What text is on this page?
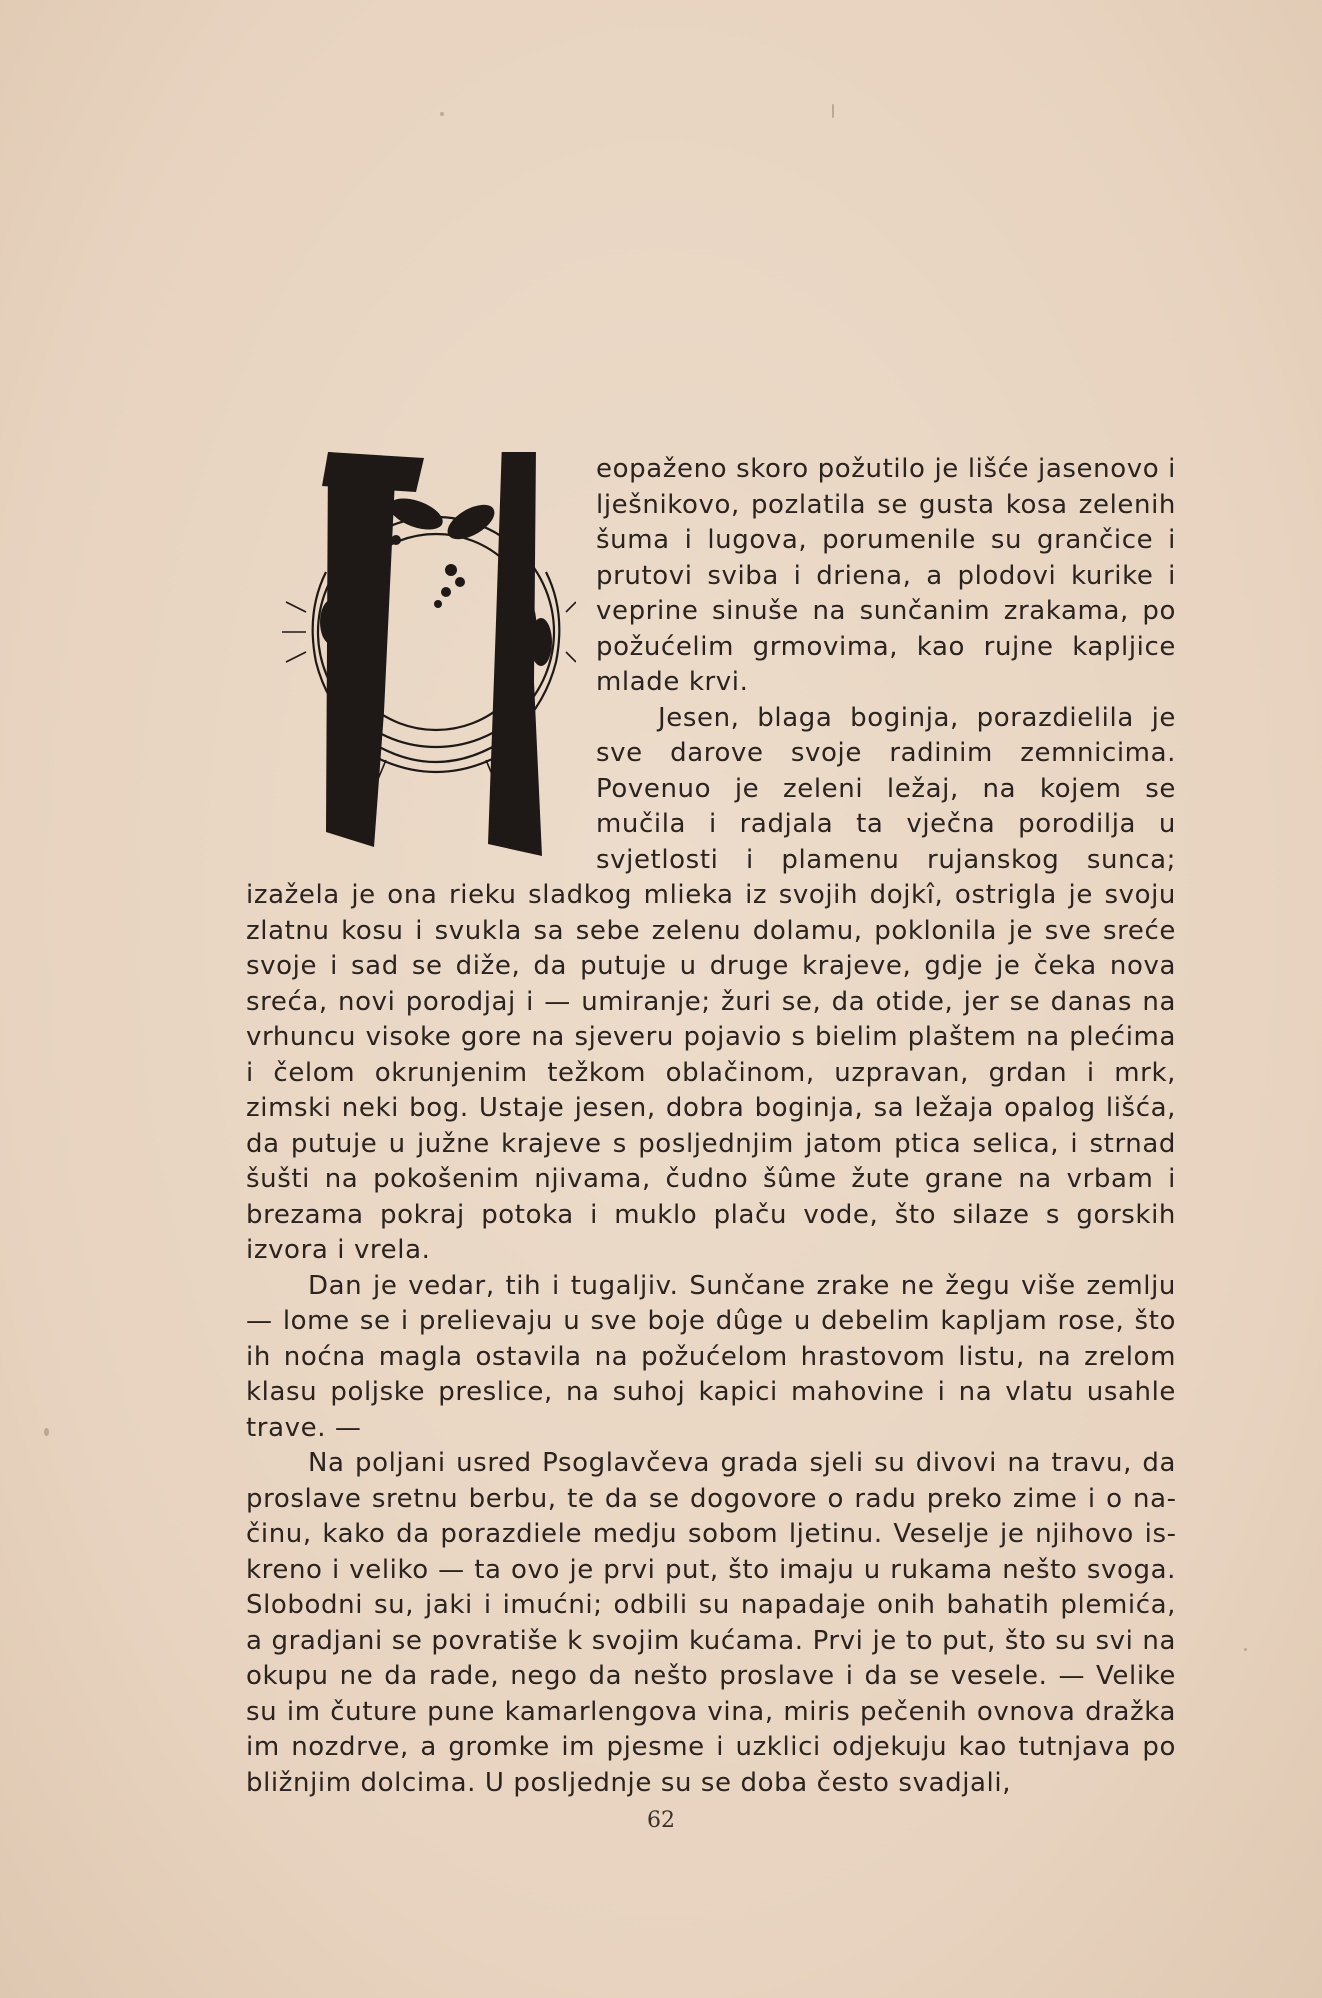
eopaženo skoro požutilo je lišće jasenovo i lješnikovo, pozlatila se gusta kosa zelenih šuma i lugova, porumenile su grančice i prutovi sviba i driena, a plodovi kurike i veprine sinuše na sunčanim zrakama, po požućelim grmovima, kao rujne kapljice mlade krvi.

Jesen, blaga boginja, porazdielila je sve darove svoje radinim zemnicima. Povenuo je zeleni ležaj, na kojem se mučila i radjala ta vječna porodilja u svjetlosti i plamenu rujanskog sunca; izažela je ona rieku sladkog mlieka iz svojih dojkî, ostrigla je svoju zlatnu kosu i svukla sa sebe zelenu dolamu, poklonila je sve sreće svoje i sad se diže, da putuje u druge krajeve, gdje je čeka nova sreća, novi porodjaj i — umiranje; žuri se, da otide, jer se danas na vrhuncu visoke gore na sjeveru pojavio s bielim plaštem na plećima i čelom okrunjenim težkom oblačinom, uzpravan, grdan i mrk, zimski neki bog. Ustaje jesen, dobra boginja, sa ležaja opalog lišća, da putuje u južne krajeve s posljednjim jatom ptica selica, i strnad šušti na pokošenim njivama, čudno šûme žute grane na vrbam i brezama pokraj potoka i muklo plaču vode, što silaze s gorskih izvora i vrela.

Dan je vedar, tih i tugaljiv. Sunčane zrake ne žegu više zemlju — lome se i prelievaju u sve boje dûge u debelim kapljam rose, što ih noćna magla ostavila na požućelom hrastovom listu, na zrelom klasu poljske preslice, na suhoj kapici mahovine i na vlatu usahle trave. —

Na poljani usred Psoglavčeva grada sjeli su divovi na travu, da proslave sretnu berbu, te da se dogovore o radu preko zime i o načinu, kako da porazdiele medju sobom ljetinu. Veselje je njihovo iskreno i veliko — ta ovo je prvi put, što imaju u rukama nešto svoga. Slobodni su, jaki i imućni; odbili su napadaje onih bahatih plemića, a gradjani se povratiše k svojim kućama. Prvi je to put, što su svi na okupu ne da rade, nego da nešto proslave i da se vesele. — Velike su im čuture pune kamarlengova vina, miris pečenih ovnova dražka im nozdrve, a gromke im pjesme i uzklici odjekuju kao tutnjava po bližnjim dolcima. U posljednje su se doba često svadjali,

62
